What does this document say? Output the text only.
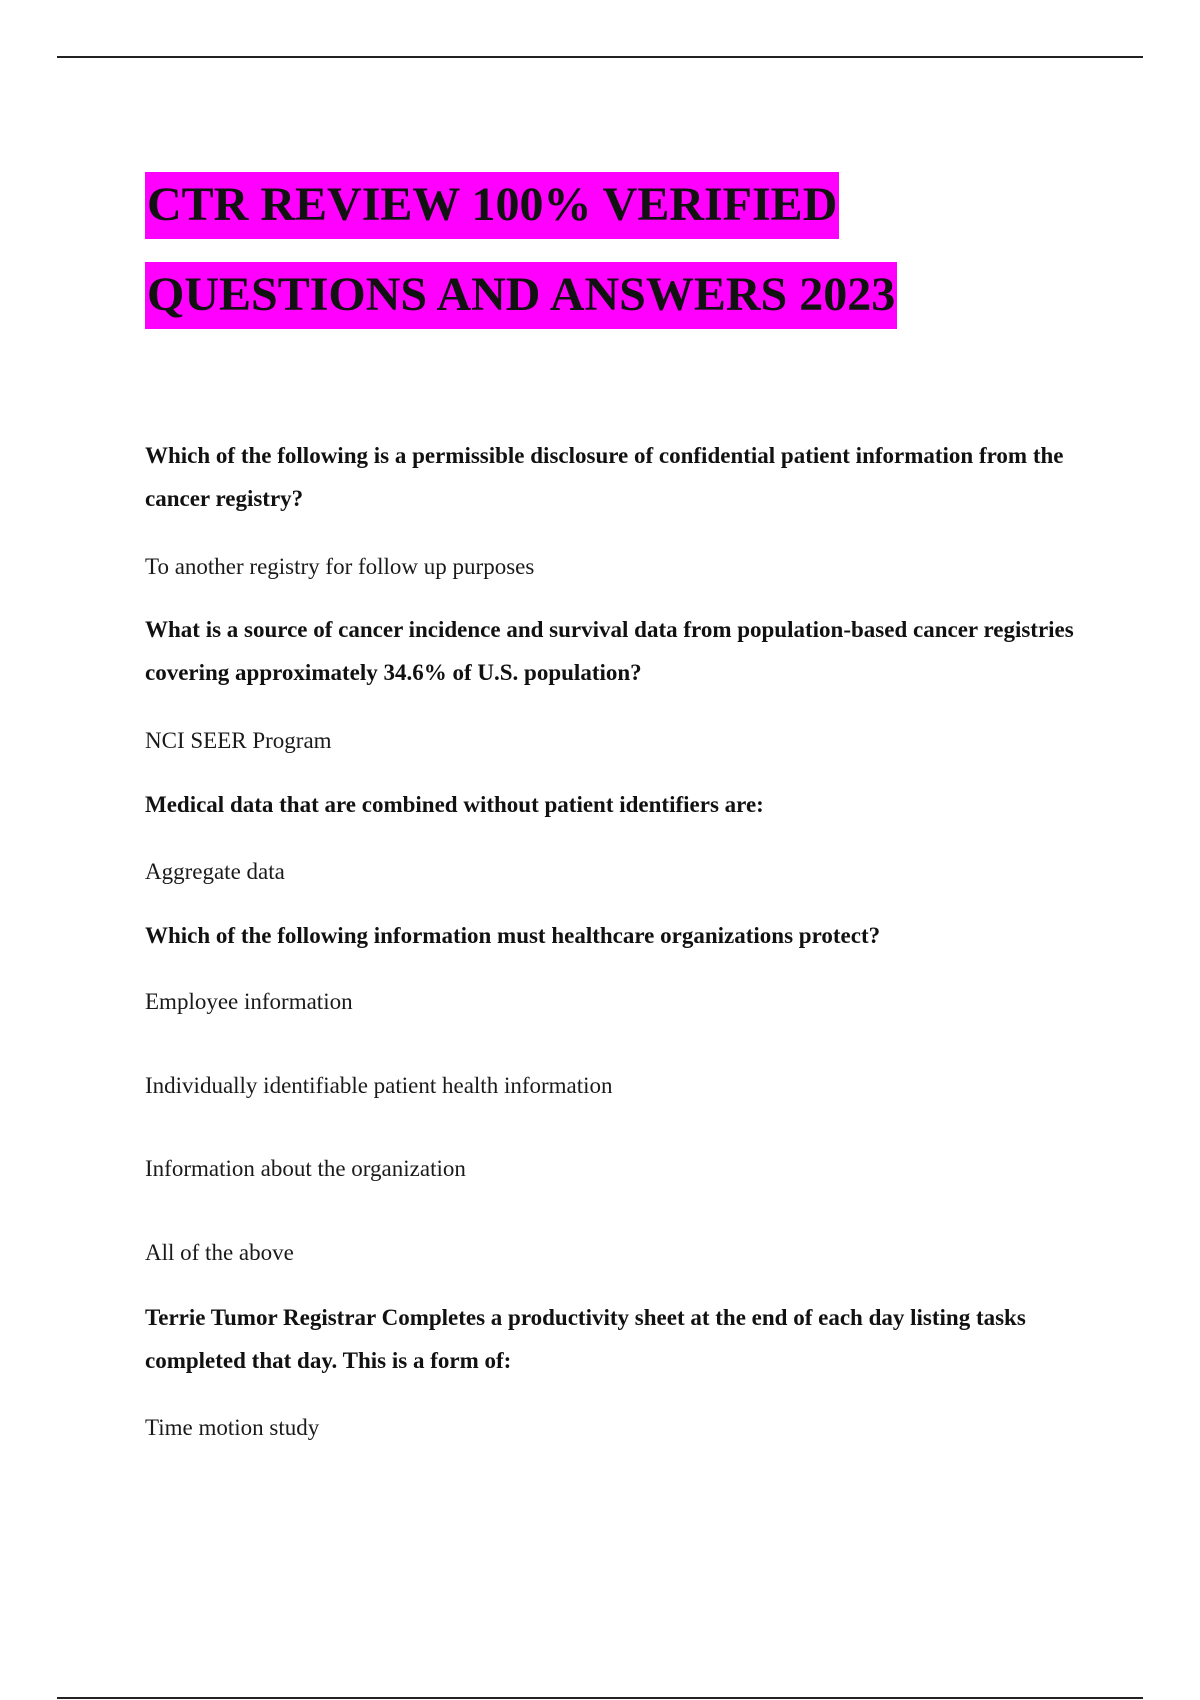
CTR REVIEW 100% VERIFIED
QUESTIONS AND ANSWERS 2023

Which of the following is a permissible disclosure of confidential patient information from the cancer registry?

To another registry for follow up purposes

What is a source of cancer incidence and survival data from population-based cancer registries covering approximately 34.6% of U.S. population?

NCI SEER Program

Medical data that are combined without patient identifiers are:

Aggregate data

Which of the following information must healthcare organizations protect?

Employee information

Individually identifiable patient health information

Information about the organization

All of the above

Terrie Tumor Registrar Completes a productivity sheet at the end of each day listing tasks completed that day. This is a form of:

Time motion study
